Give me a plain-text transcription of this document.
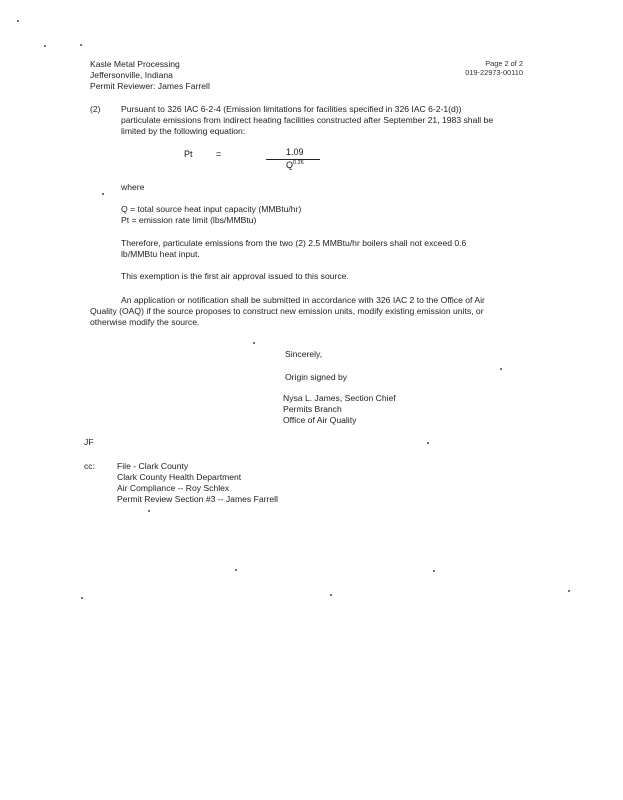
Kasle Metal Processing
Jeffersonville, Indiana
Permit Reviewer: James Farrell
Page 2 of 2
019-22973-00110
(2) Pursuant to 326 IAC 6-2-4 (Emission limitations for facilities specified in 326 IAC 6-2-1(d))
particulate emissions from indirect heating facilities constructed after September 21, 1983 shall be
limited by the following equation:
Pt	=	1.09
$Q^{0.26}$
where
Q = total source heat input capacity (MMBtu/hr)
Pt = emission rate limit (lbs/MMBtu)
Therefore, particulate emissions from the two (2) 2.5 MMBtu/hr boilers shall not exceed 0.6
lb/MMBtu heat input.
This exemption is the first air approval issued to this source.
An application or notification shall be submitted in accordance with 326 IAC 2 to the Office of Air
Quality (OAQ) if the source proposes to construct new emission units, modify existing emission units, or
otherwise modify the source.
Sincerely,
Origin signed by
Nysa L. James, Section Chief
Permits Branch
Office of Air Quality
JF
cc:	File - Clark County
Clark County Health Department
Air Compliance -- Roy Schlex
Permit Review Section #3 -- James Farrell
